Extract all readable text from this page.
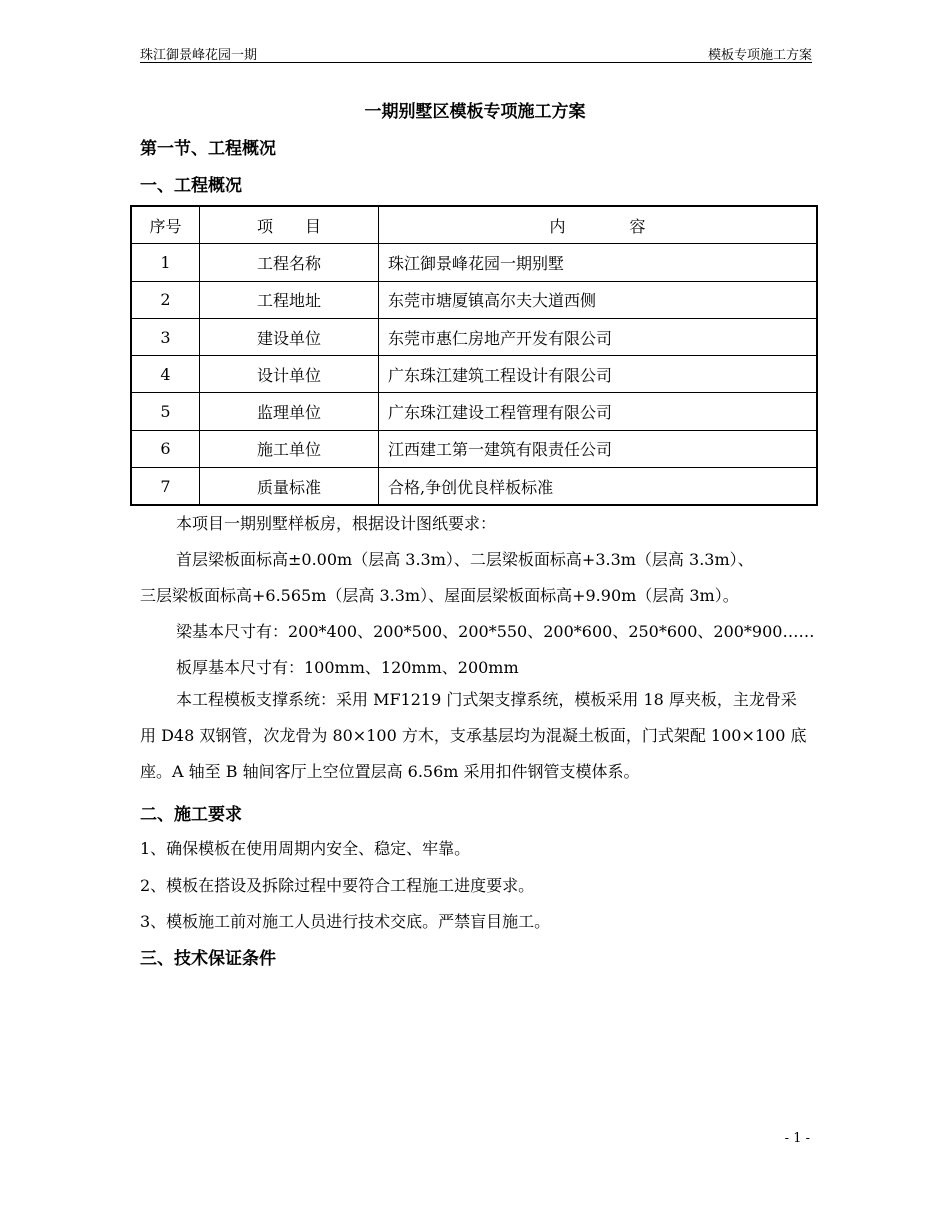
珠江御景峰花园一期	模板专项施工方案
一期别墅区模板专项施工方案
第一节、工程概况
一、工程概况
序号	项　　目	内　　　　容
1	工程名称	珠江御景峰花园一期别墅
2	工程地址	东莞市塘厦镇高尔夫大道西侧
3	建设单位	东莞市惠仁房地产开发有限公司
4	设计单位	广东珠江建筑工程设计有限公司
5	监理单位	广东珠江建设工程管理有限公司
6	施工单位	江西建工第一建筑有限责任公司
7	质量标准	合格,争创优良样板标准
本项目一期别墅样板房，根据设计图纸要求：
首层梁板面标高±0.00m（层高 3.3m）、二层梁板面标高+3.3m（层高 3.3m）、
三层梁板面标高+6.565m（层高 3.3m）、屋面层梁板面标高+9.90m（层高 3m）。
梁基本尺寸有：200*400、200*500、200*550、200*600、250*600、200*900……
板厚基本尺寸有：100mm、120mm、200mm
本工程模板支撑系统：采用 MF1219 门式架支撑系统，模板采用 18 厚夹板，主龙骨采用 D48 双钢管，次龙骨为 80×100 方木，支承基层均为混凝土板面，门式架配 100×100 底座。A 轴至 B 轴间客厅上空位置层高 6.56m 采用扣件钢管支模体系。
二、施工要求
1、确保模板在使用周期内安全、稳定、牢靠。
2、模板在搭设及拆除过程中要符合工程施工进度要求。
3、模板施工前对施工人员进行技术交底。严禁盲目施工。
三、技术保证条件
- 1 -
